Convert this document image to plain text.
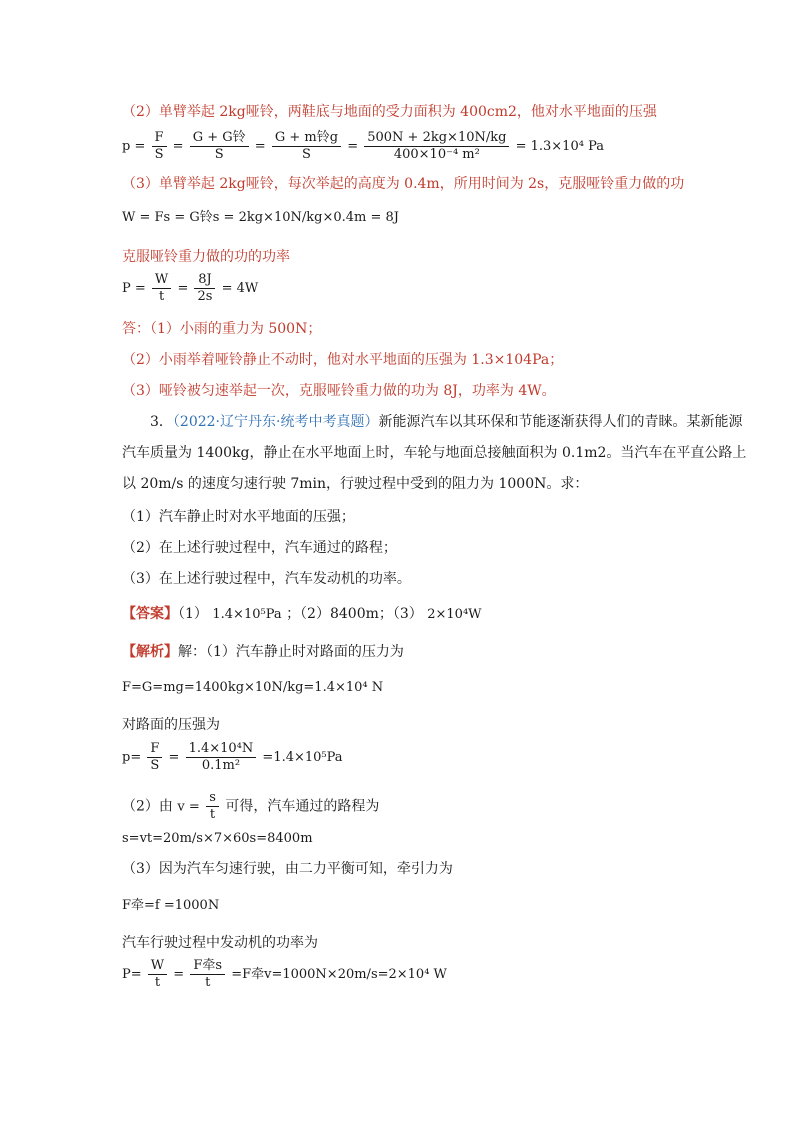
（2）单臂举起 2kg哑铃，两鞋底与地面的受力面积为 400cm2，他对水平地面的压强
$p = \frac{F}{S} = \frac{\text{G + G铃}}{S} = \frac{\text{G + m铃g}}{S} = \frac{500N + 2kg\times 10N/kg}{\text{400×10⁻⁴ m²}} = 1.3\times 10^4$ Pa
（3）单臂举起 2kg哑铃，每次举起的高度为 0.4m，所用时间为 2s，克服哑铃重力做的功
W = Fs = G铃s = 2kg×10N/kg×0.4m = 8J
克服哑铃重力做的功的功率
$P = \frac{W}{t} = \frac{8J}{2s} = 4W$
答：（1）小雨的重力为 500N；
（2）小雨举着哑铃静止不动时，他对水平地面的压强为 1.3×104Pa；
（3）哑铃被匀速举起一次，克服哑铃重力做的功为 8J，功率为 4W。
3．（2022·辽宁丹东·统考中考真题）新能源汽车以其环保和节能逐渐获得人们的青睐。某新能源
汽车质量为 1400kg，静止在水平地面上时，车轮与地面总接触面积为 0.1m2。当汽车在平直公路上
以 20m/s 的速度匀速行驶 7min，行驶过程中受到的阻力为 1000N。求：
（1）汽车静止时对水平地面的压强；
（2）在上述行驶过程中，汽车通过的路程；
（3）在上述行驶过程中，汽车发动机的功率。
【答案】（1） 1.4×10⁵Pa ；（2）8400m；（3） 2×10⁴W
【解析】解：（1）汽车静止时对路面的压力为
F=G=mg=1400kg×10N/kg=1.4×10⁴ N
对路面的压强为
$p= \frac{F}{S} = \frac{\text{1.4×10⁴N}}{\text{0.1m²}} =1.4\times 10^5Pa$
（2）由 $v = \frac{s}{t}$ 可得，汽车通过的路程为
s=vt=20m/s×7×60s=8400m
（3）因为汽车匀速行驶，由二力平衡可知，牵引力为
F牵=f =1000N
汽车行驶过程中发动机的功率为
$P= \frac{W}{t} = \frac{\text{F牵s}}{t} =F$牵v=1000N×20m/s=2×10⁴ W
